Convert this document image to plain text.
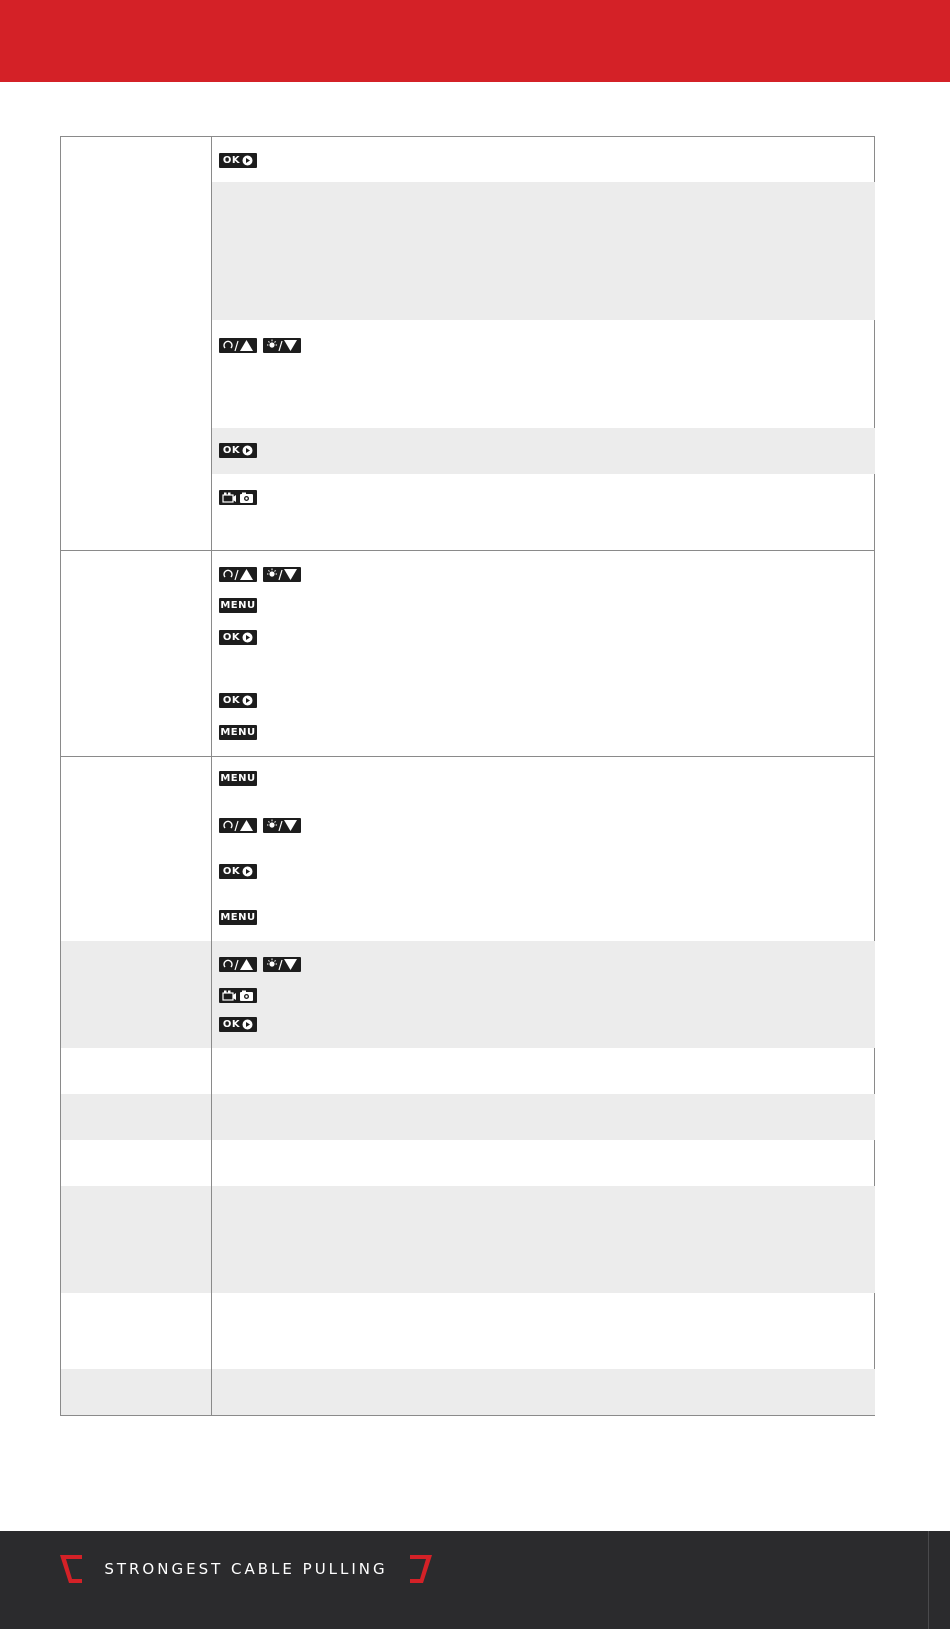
OK
OK
MENU
OK
OK
MENU
MENU
OK
MENU
OK
STRONGEST CABLE PULLING
